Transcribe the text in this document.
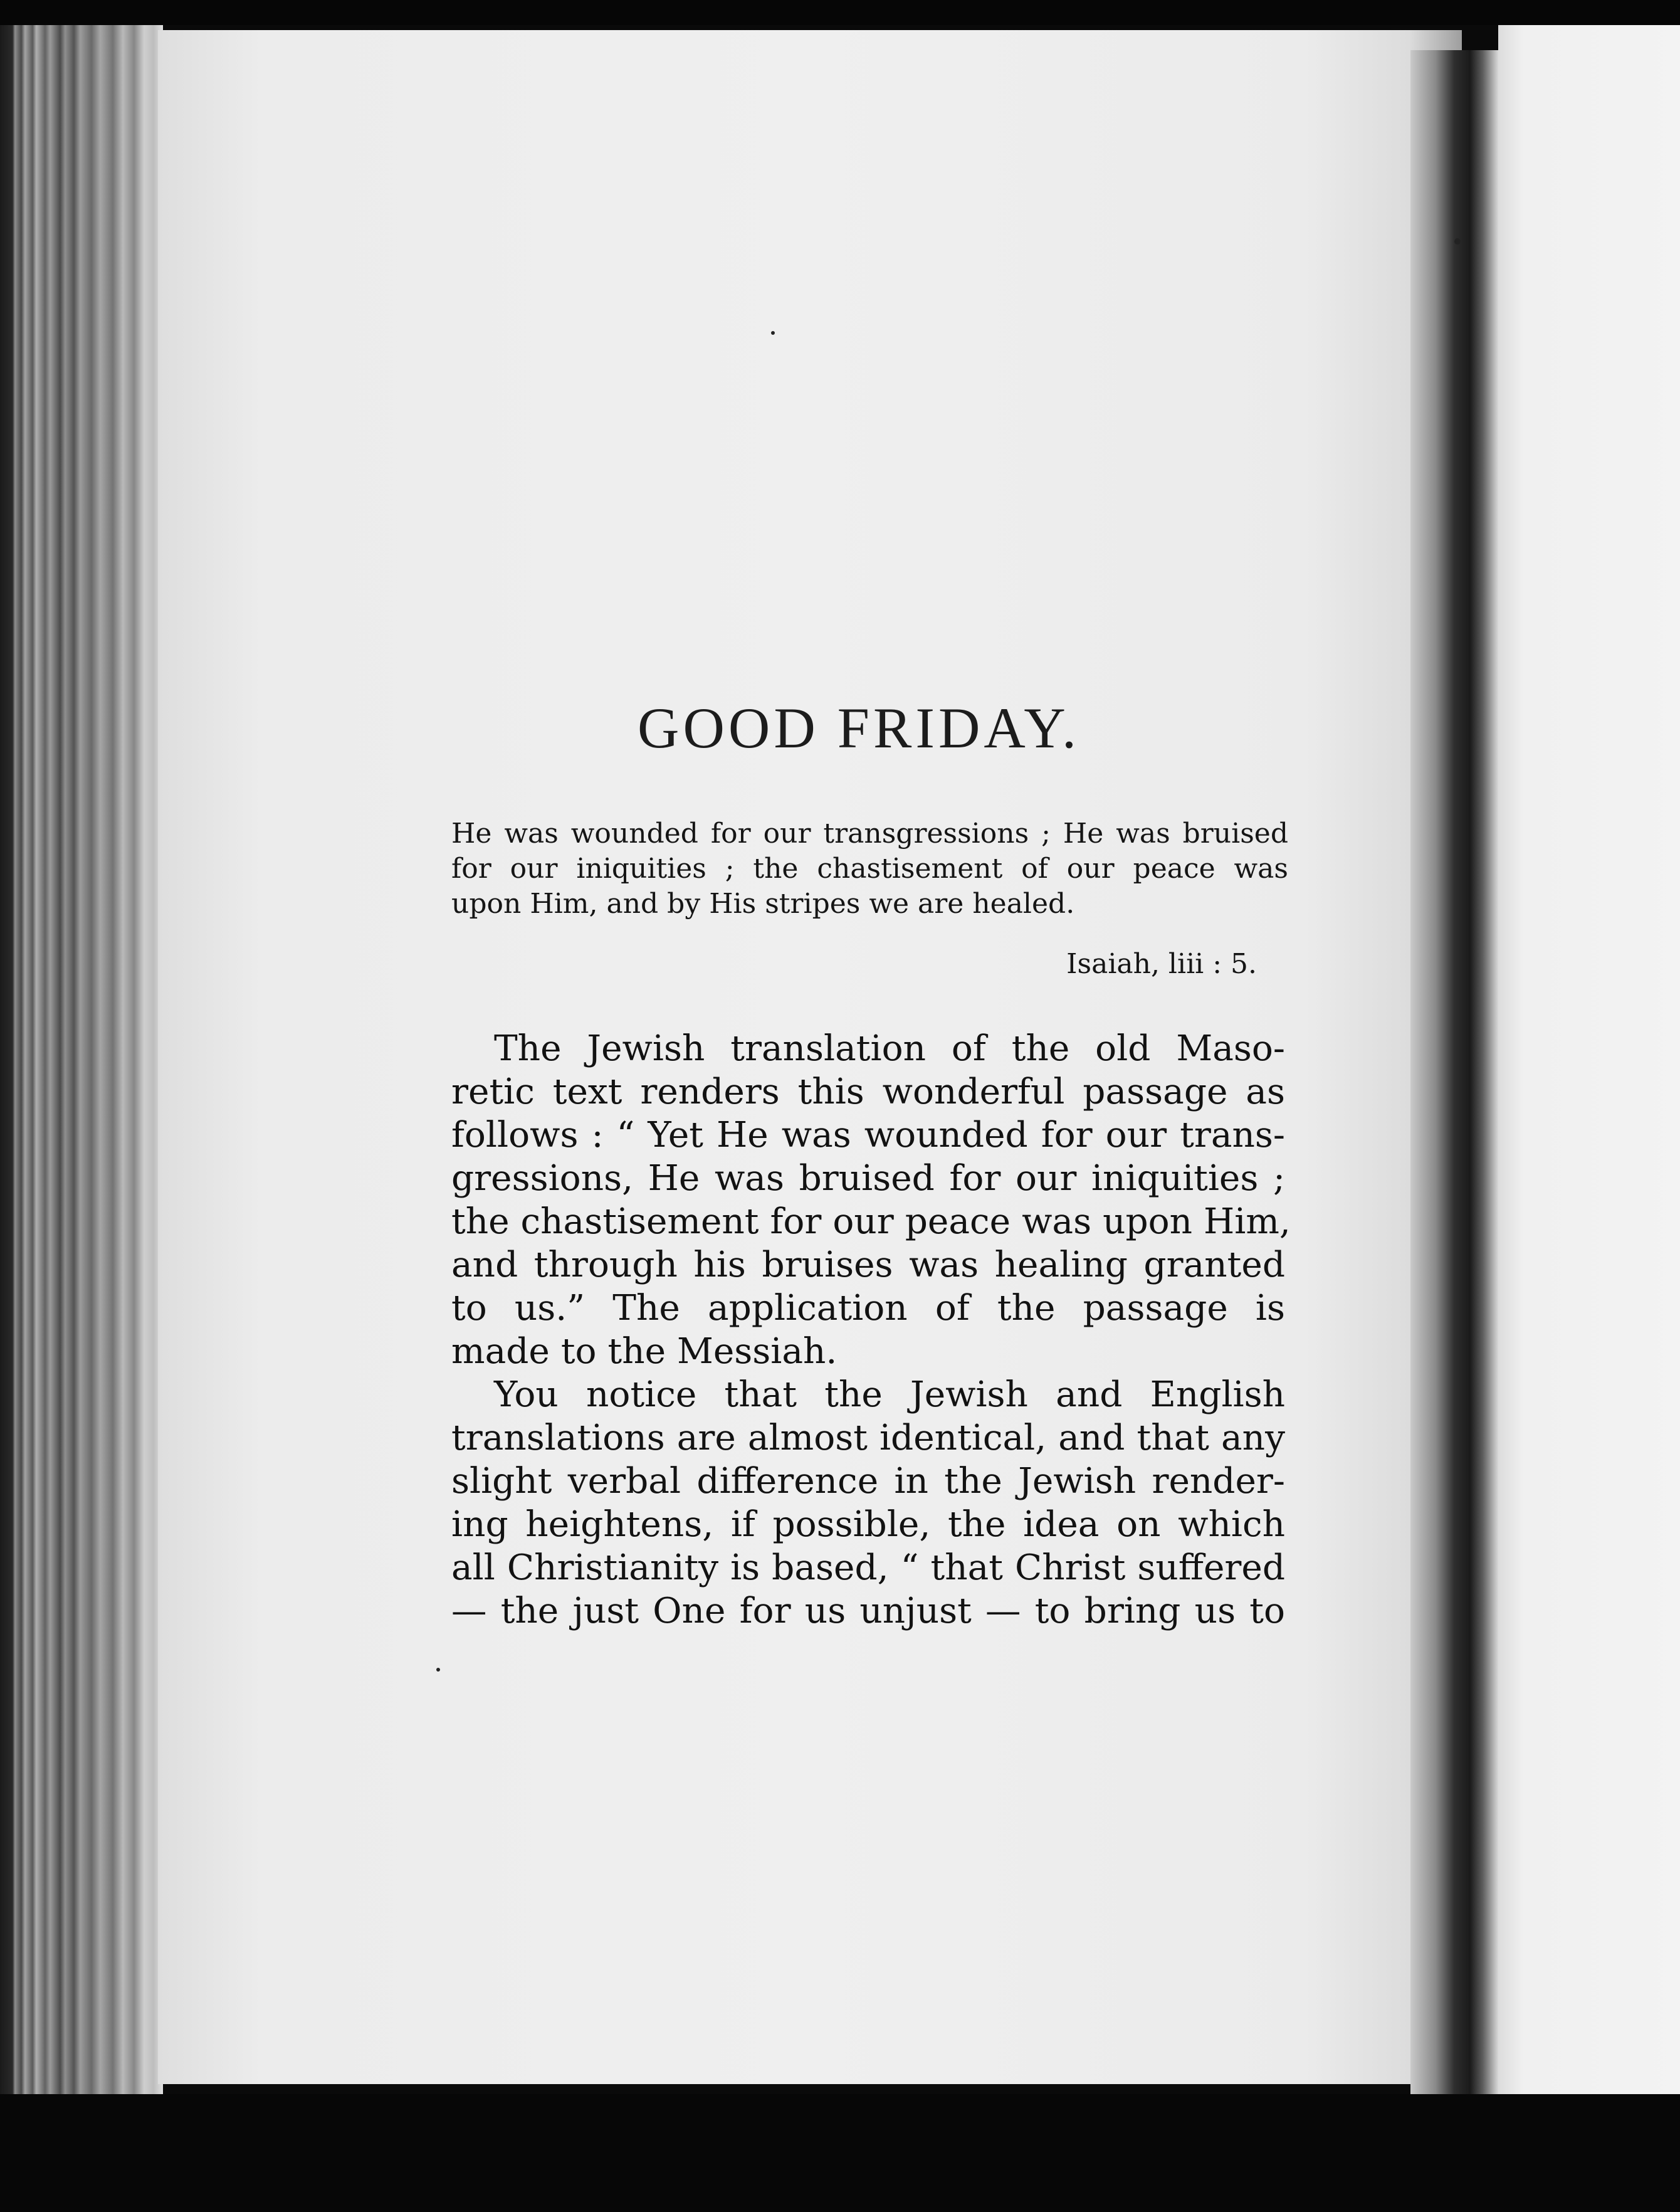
GOOD FRIDAY.
He was wounded for our transgressions ; He was bruised
for our iniquities ; the chastisement of our peace was
upon Him, and by His stripes we are healed.
Isaiah, liii : 5.
The Jewish translation of the old Maso-
retic text renders this wonderful passage as
follows : “ Yet He was wounded for our trans-
gressions, He was bruised for our iniquities ;
the chastisement for our peace was upon Him,
and through his bruises was healing granted
to us.” The application of the passage is
made to the Messiah.
You notice that the Jewish and English
translations are almost identical, and that any
slight verbal difference in the Jewish render-
ing heightens, if possible, the idea on which
all Christianity is based, “ that Christ suffered
— the just One for us unjust — to bring us to
